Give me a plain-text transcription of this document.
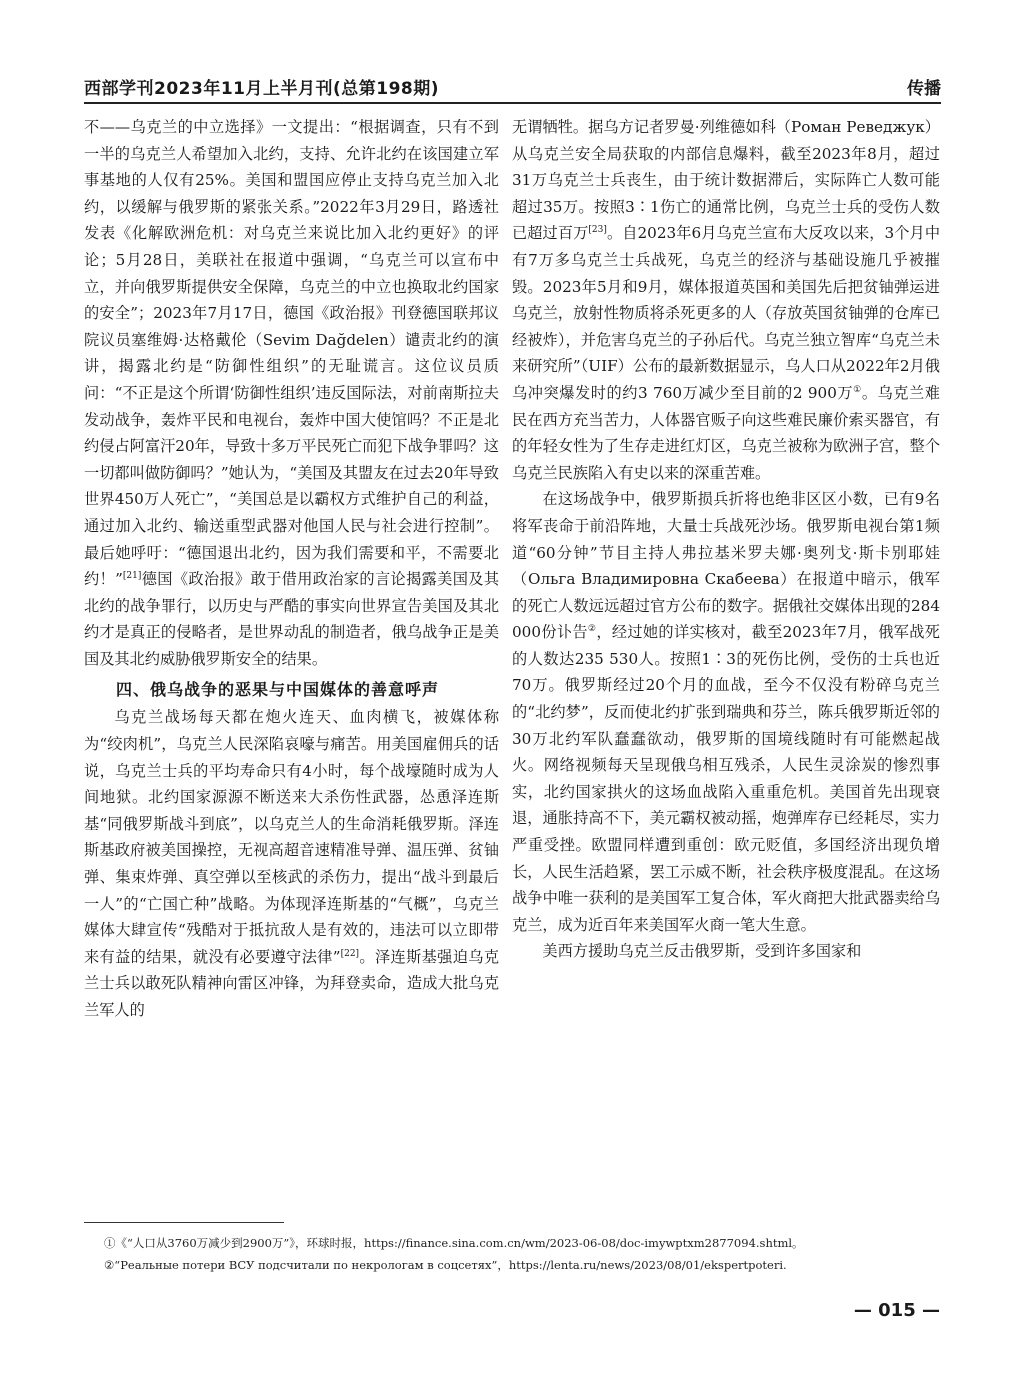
西部学刊2023年11月上半月刊(总第198期)	传播

不——乌克兰的中立选择》一文提出：“根据调查，只有不到一半的乌克兰人希望加入北约，支持、允许北约在该国建立军事基地的人仅有25%。美国和盟国应停止支持乌克兰加入北约，以缓解与俄罗斯的紧张关系。”2022年3月29日，路透社发表《化解欧洲危机：对乌克兰来说比加入北约更好》的评论；5月28日，美联社在报道中强调，“乌克兰可以宣布中立，并向俄罗斯提供安全保障，乌克兰的中立也换取北约国家的安全”；2023年7月17日，德国《政治报》刊登德国联邦议院议员塞维姆·达格戴伦（Sevim Dağdelen）谴责北约的演讲，揭露北约是“防御性组织”的无耻谎言。这位议员质问：“不正是这个所谓‘防御性组织’违反国际法，对前南斯拉夫发动战争，轰炸平民和电视台，轰炸中国大使馆吗？不正是北约侵占阿富汗20年，导致十多万平民死亡而犯下战争罪吗？这一切都叫做防御吗？”她认为，“美国及其盟友在过去20年导致世界450万人死亡”，“美国总是以霸权方式维护自己的利益，通过加入北约、输送重型武器对他国人民与社会进行控制”。最后她呼吁：“德国退出北约，因为我们需要和平，不需要北约！”[21]德国《政治报》敢于借用政治家的言论揭露美国及其北约的战争罪行，以历史与严酷的事实向世界宣告美国及其北约才是真正的侵略者，是世界动乱的制造者，俄乌战争正是美国及其北约威胁俄罗斯安全的结果。

四、俄乌战争的恶果与中国媒体的善意呼声

乌克兰战场每天都在炮火连天、血肉横飞，被媒体称为“绞肉机”，乌克兰人民深陷哀嚎与痛苦。用美国雇佣兵的话说，乌克兰士兵的平均寿命只有4小时，每个战壕随时成为人间地狱。北约国家源源不断送来大杀伤性武器，怂恿泽连斯基“同俄罗斯战斗到底”，以乌克兰人的生命消耗俄罗斯。泽连斯基政府被美国操控，无视高超音速精准导弹、温压弹、贫铀弹、集束炸弹、真空弹以至核武的杀伤力，提出“战斗到最后一人”的“亡国亡种”战略。为体现泽连斯基的“气概”，乌克兰媒体大肆宣传“残酷对于抵抗敌人是有效的，违法可以立即带来有益的结果，就没有必要遵守法律”[22]。泽连斯基强迫乌克兰士兵以敢死队精神向雷区冲锋，为拜登卖命，造成大批乌克兰军人的

无谓牺牲。据乌方记者罗曼·列维德如科（Роман Реведжук）从乌克兰安全局获取的内部信息爆料，截至2023年8月，超过31万乌克兰士兵丧生，由于统计数据滞后，实际阵亡人数可能超过35万。按照3∶1伤亡的通常比例，乌克兰士兵的受伤人数已超过百万[23]。自2023年6月乌克兰宣布大反攻以来，3个月中有7万多乌克兰士兵战死，乌克兰的经济与基础设施几乎被摧毁。2023年5月和9月，媒体报道英国和美国先后把贫铀弹运进乌克兰，放射性物质将杀死更多的人（存放英国贫铀弹的仓库已经被炸），并危害乌克兰的子孙后代。乌克兰独立智库“乌克兰未来研究所”（UIF）公布的最新数据显示，乌人口从2022年2月俄乌冲突爆发时的约3 760万减少至目前的2 900万①。乌克兰难民在西方充当苦力，人体器官贩子向这些难民廉价索买器官，有的年轻女性为了生存走进红灯区，乌克兰被称为欧洲子宫，整个乌克兰民族陷入有史以来的深重苦难。

在这场战争中，俄罗斯损兵折将也绝非区区小数，已有9名将军丧命于前沿阵地，大量士兵战死沙场。俄罗斯电视台第1频道“60分钟”节目主持人弗拉基米罗夫娜·奥列戈·斯卡别耶娃（Ольга Владимировна Скабеева）在报道中暗示，俄军的死亡人数远远超过官方公布的数字。据俄社交媒体出现的284 000份讣告②，经过她的详实核对，截至2023年7月，俄军战死的人数达235 530人。按照1∶3的死伤比例，受伤的士兵也近70万。俄罗斯经过20个月的血战，至今不仅没有粉碎乌克兰的“北约梦”，反而使北约扩张到瑞典和芬兰，陈兵俄罗斯近邻的30万北约军队蠢蠢欲动，俄罗斯的国境线随时有可能燃起战火。网络视频每天呈现俄乌相互残杀，人民生灵涂炭的惨烈事实，北约国家拱火的这场血战陷入重重危机。美国首先出现衰退，通胀持高不下，美元霸权被动摇，炮弹库存已经耗尽，实力严重受挫。欧盟同样遭到重创：欧元贬值，多国经济出现负增长，人民生活趋紧，罢工示威不断，社会秩序极度混乱。在这场战争中唯一获利的是美国军工复合体，军火商把大批武器卖给乌克兰，成为近百年来美国军火商一笔大生意。

美西方援助乌克兰反击俄罗斯，受到许多国家和

①《“人口从3760万减少到2900万”》，环球时报，https://finance.sina.com.cn/wm/2023-06-08/doc-imywptxm2877094.shtml。
②“Реальные потери ВСУ подсчитали по некрологам в соцсетях”，https://lenta.ru/news/2023/08/01/ekspertpoteri.
— 015 —
